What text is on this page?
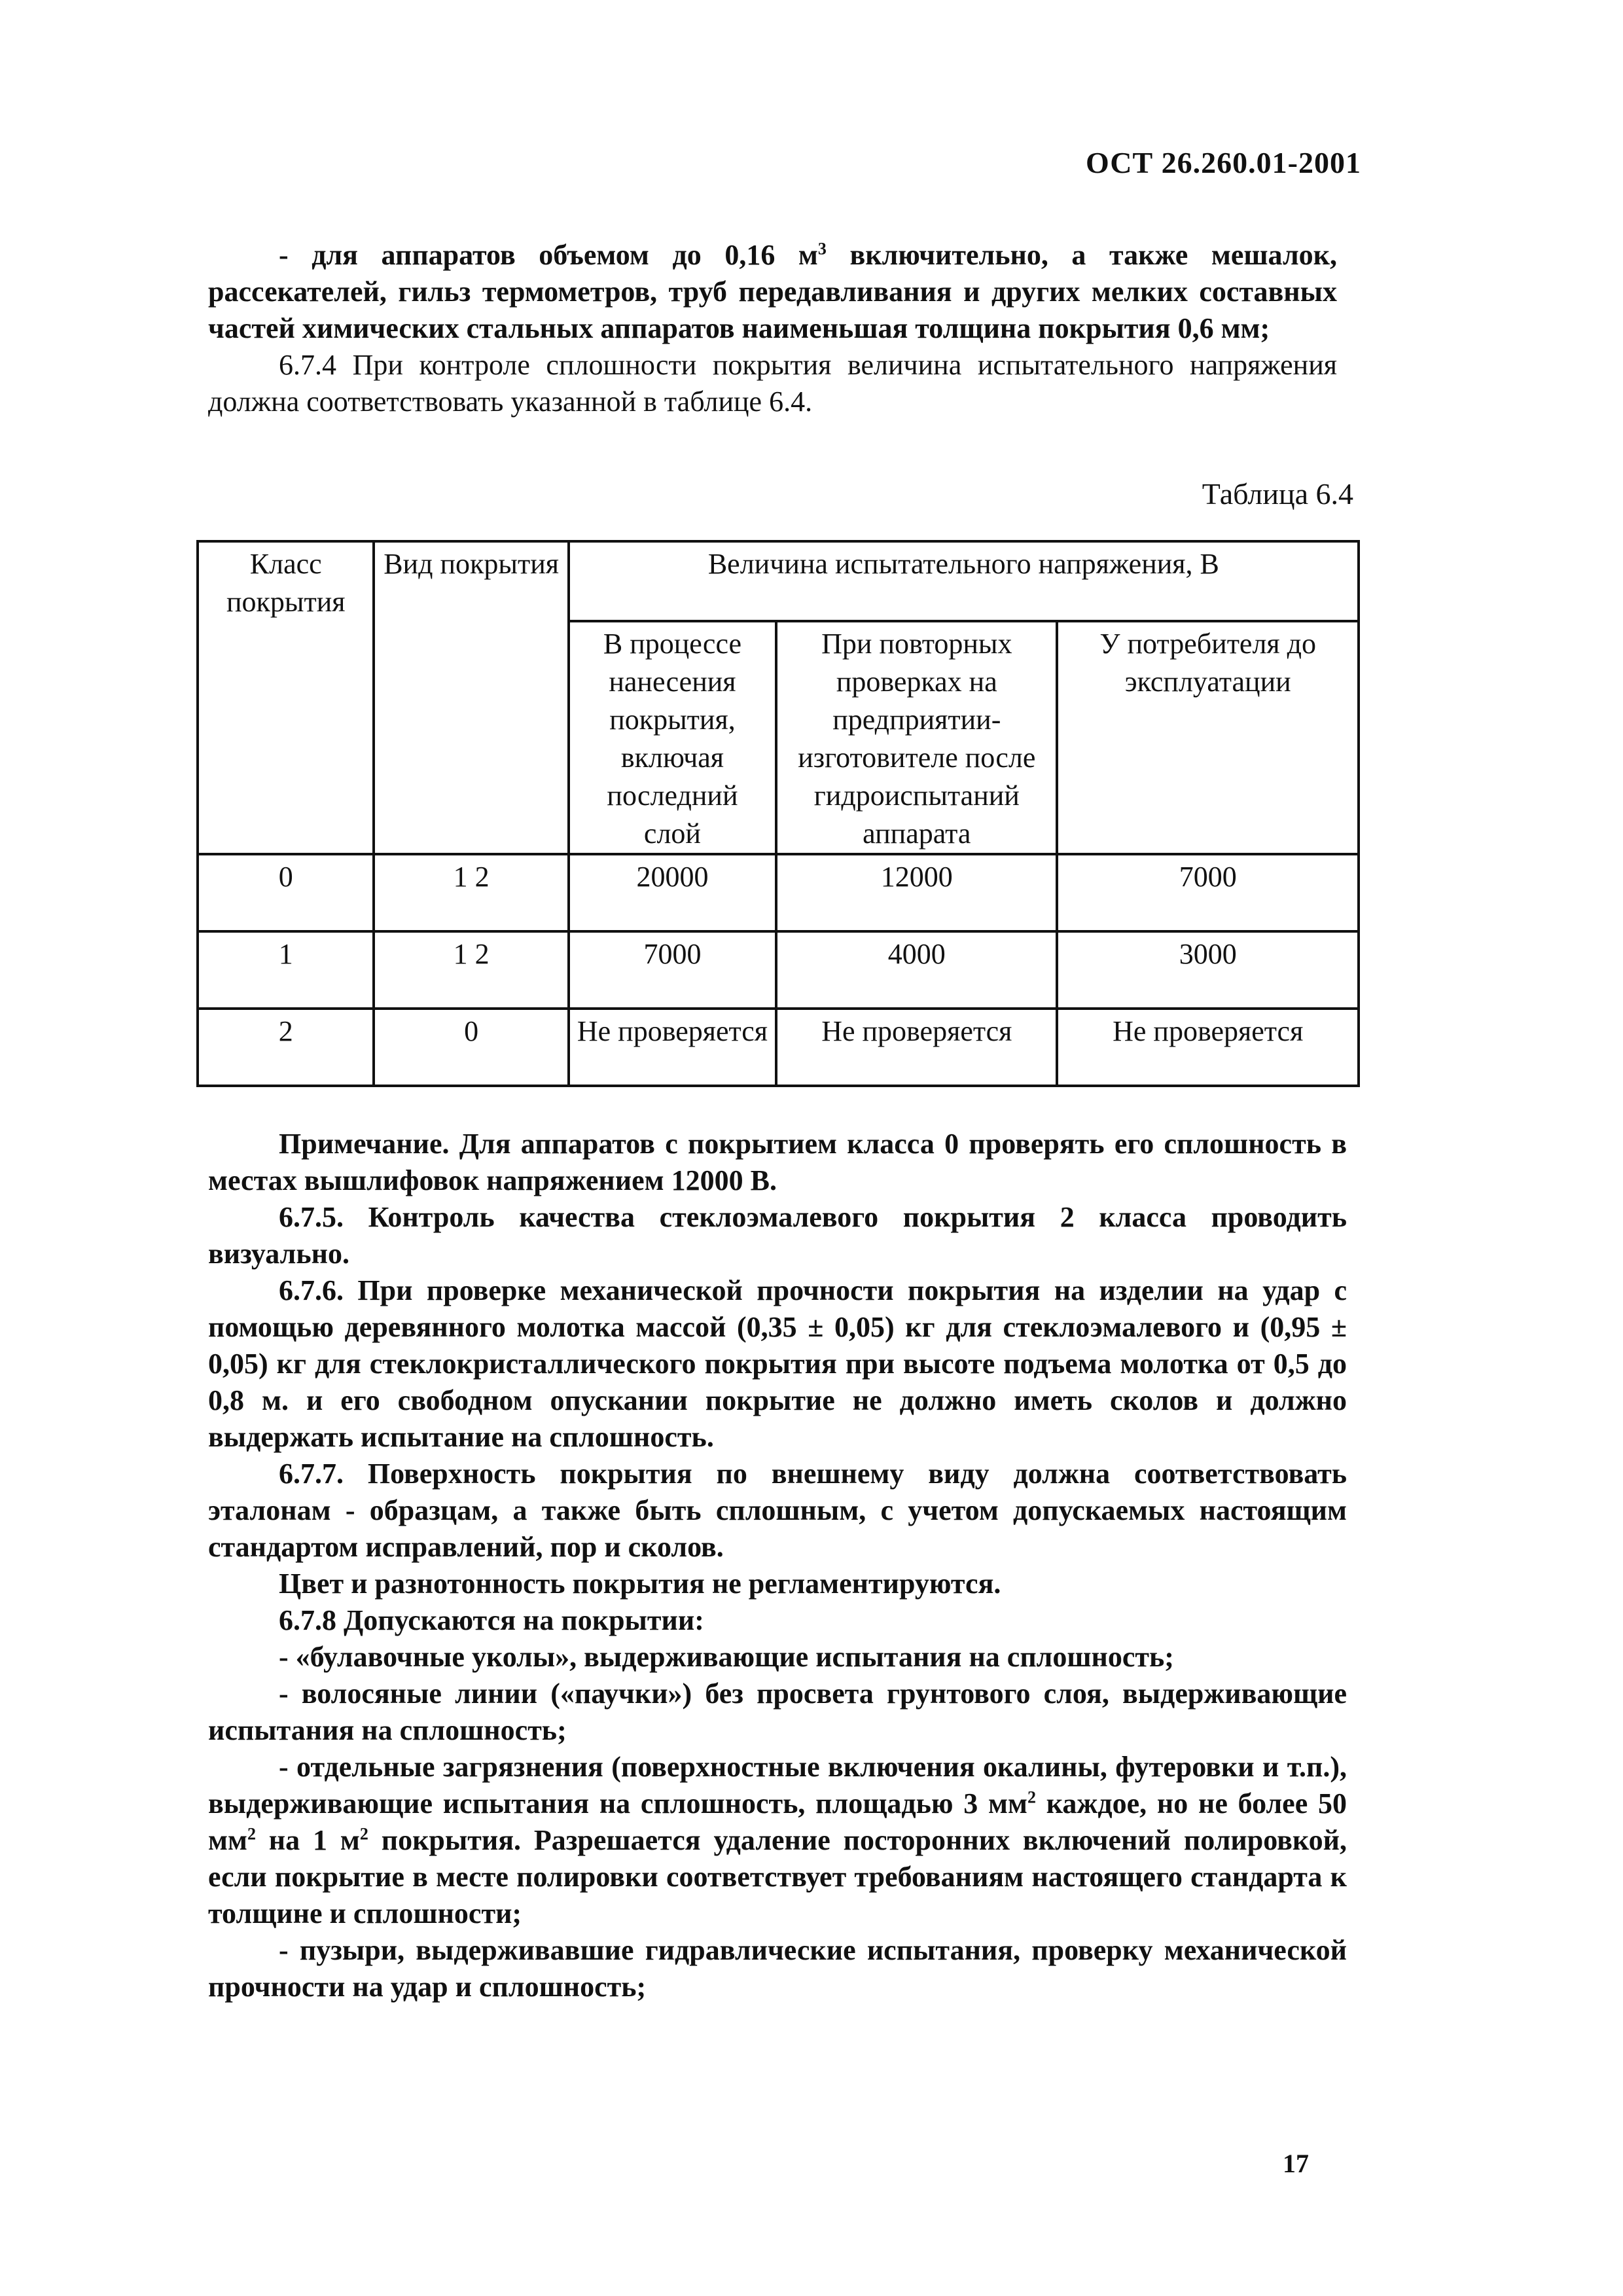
ОСТ 26.260.01-2001

- для аппаратов объемом до 0,16 $м^3$ включительно, а также мешалок, рассекателей, гильз термометров, труб передавливания и других мелких составных частей химических стальных аппаратов наименьшая толщина покрытия 0,6 мм;

6.7.4 При контроле сплошности покрытия величина испытательного напряжения должна соответствовать указанной в таблице 6.4.

Таблица 6.4
Класс покрытия	Вид покрытия	Величина испытательного напряжения, В		
		В процессе нанесения покрытия, включая последний слой	При повторных проверках на предприятии-изготовителе после гидроиспытаний аппарата	У потребителя до эксплуатации
0	1 2	20000	12000	7000
1	1 2	7000	4000	3000
2	0	Не проверяется	Не проверяется	Не проверяется

Примечание. Для аппаратов с покрытием класса 0 проверять его сплошность в местах вышлифовок напряжением 12000 В.

6.7.5. Контроль качества стеклоэмалевого покрытия 2 класса проводить визуально.

6.7.6. При проверке механической прочности покрытия на изделии на удар с помощью деревянного молотка массой (0,35 ± 0,05) кг для стеклоэмалевого и (0,95 ± 0,05) кг для стеклокристаллического покрытия при высоте подъема молотка от 0,5 до 0,8 м. и его свободном опускании покрытие не должно иметь сколов и должно выдержать испытание на сплошность.

6.7.7. Поверхность покрытия по внешнему виду должна соответствовать эталонам - образцам, а также быть сплошным, с учетом допускаемых настоящим стандартом исправлений, пор и сколов.

Цвет и разнотонность покрытия не регламентируются.

6.7.8 Допускаются на покрытии:

- «булавочные уколы», выдерживающие испытания на сплошность;

- волосяные линии («паучки») без просвета грунтового слоя, выдерживающие испытания на сплошность;

- отдельные загрязнения (поверхностные включения окалины, футеровки и т.п.), выдерживающие испытания на сплошность, площадью 3 $мм^2$ каждое, но не более 50 $мм^2$ на 1 $м^2$ покрытия. Разрешается удаление посторонних включений полировкой, если покрытие в месте полировки соответствует требованиям настоящего стандарта к толщине и сплошности;

- пузыри, выдерживавшие гидравлические испытания, проверку механической прочности на удар и сплошность;

17
